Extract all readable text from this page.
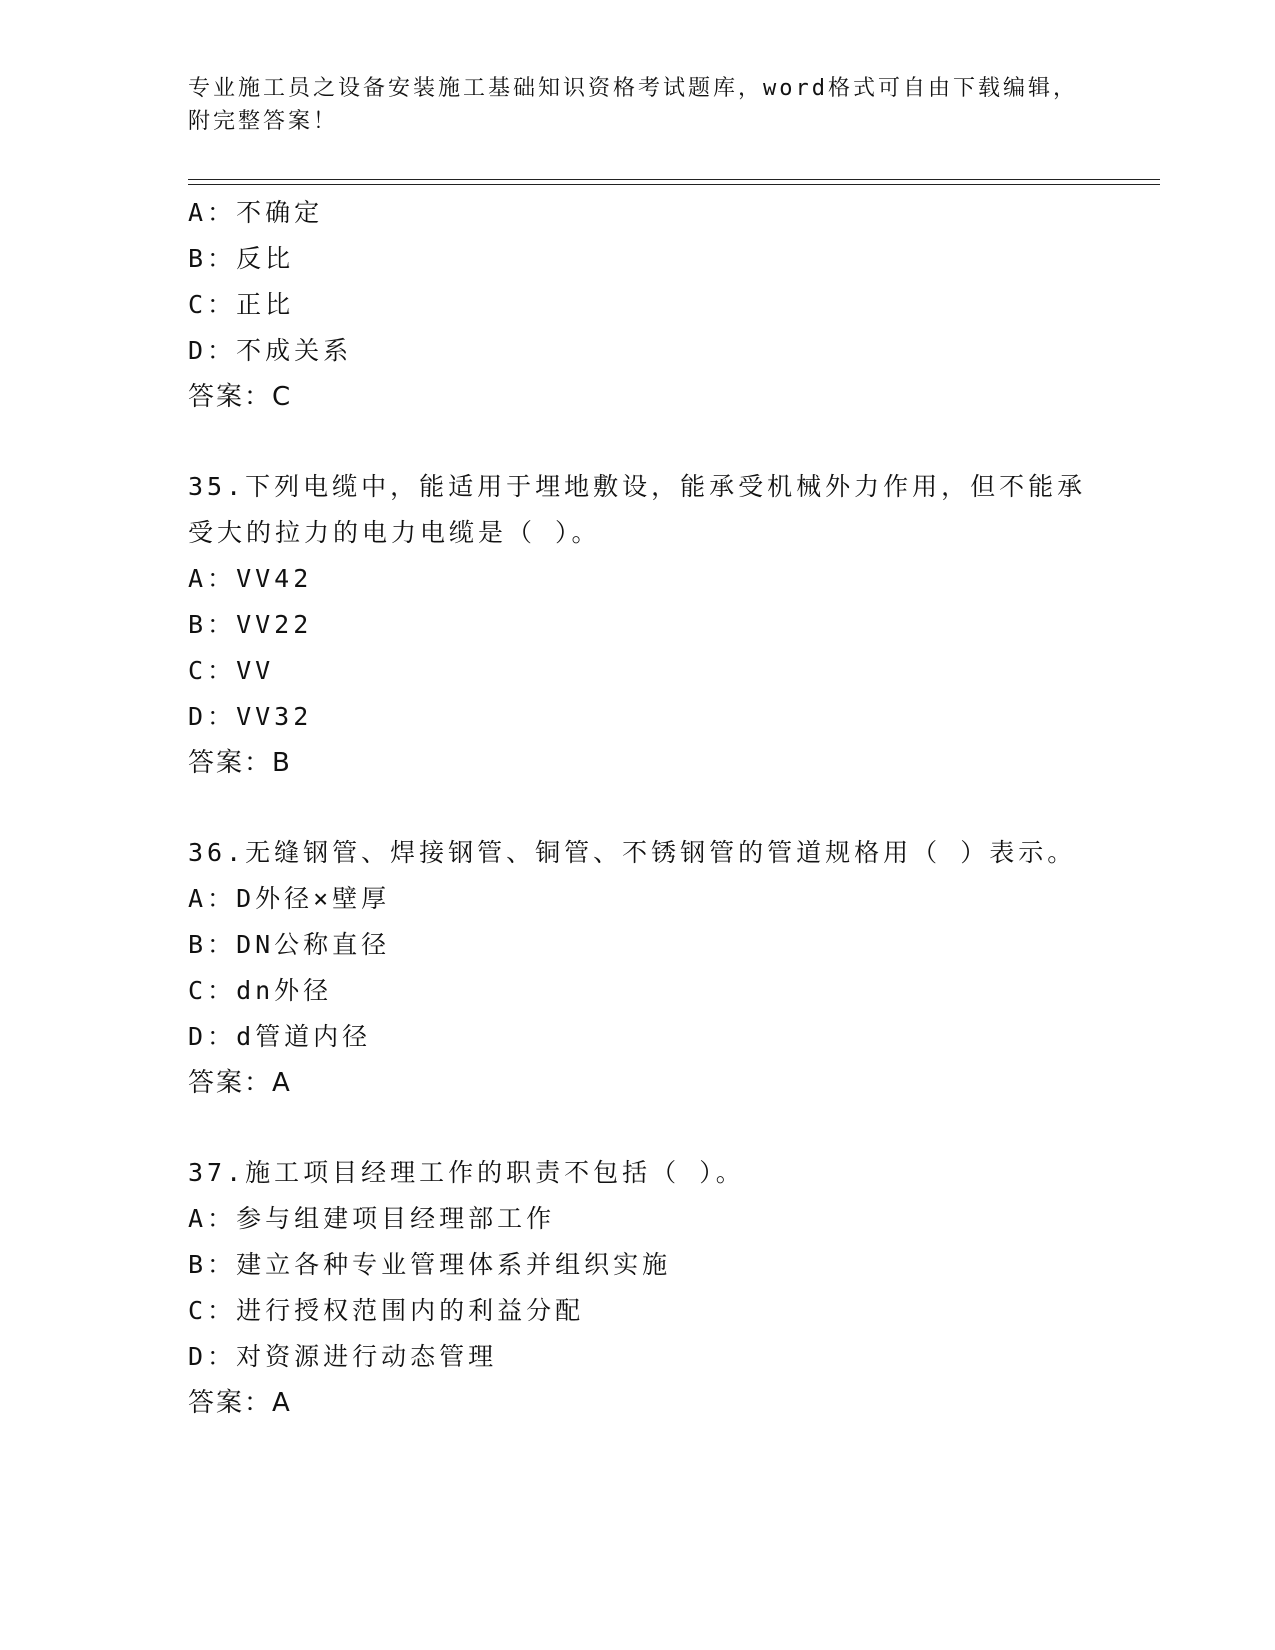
专业施工员之设备安装施工基础知识资格考试题库，word格式可自由下载编辑，
附完整答案！
A：不确定
B：反比
C：正比
D：不成关系
答案：C
35.下列电缆中，能适用于埋地敷设，能承受机械外力作用，但不能承
受大的拉力的电力电缆是（ ）。
A：VV42
B：VV22
C：VV
D：VV32
答案：B
36.无缝钢管、焊接钢管、铜管、不锈钢管的管道规格用（ ）表示。
A：D外径×壁厚
B：DN公称直径
C：dn外径
D：d管道内径
答案：A
37.施工项目经理工作的职责不包括（ ）。
A：参与组建项目经理部工作
B：建立各种专业管理体系并组织实施
C：进行授权范围内的利益分配
D：对资源进行动态管理
答案：A
